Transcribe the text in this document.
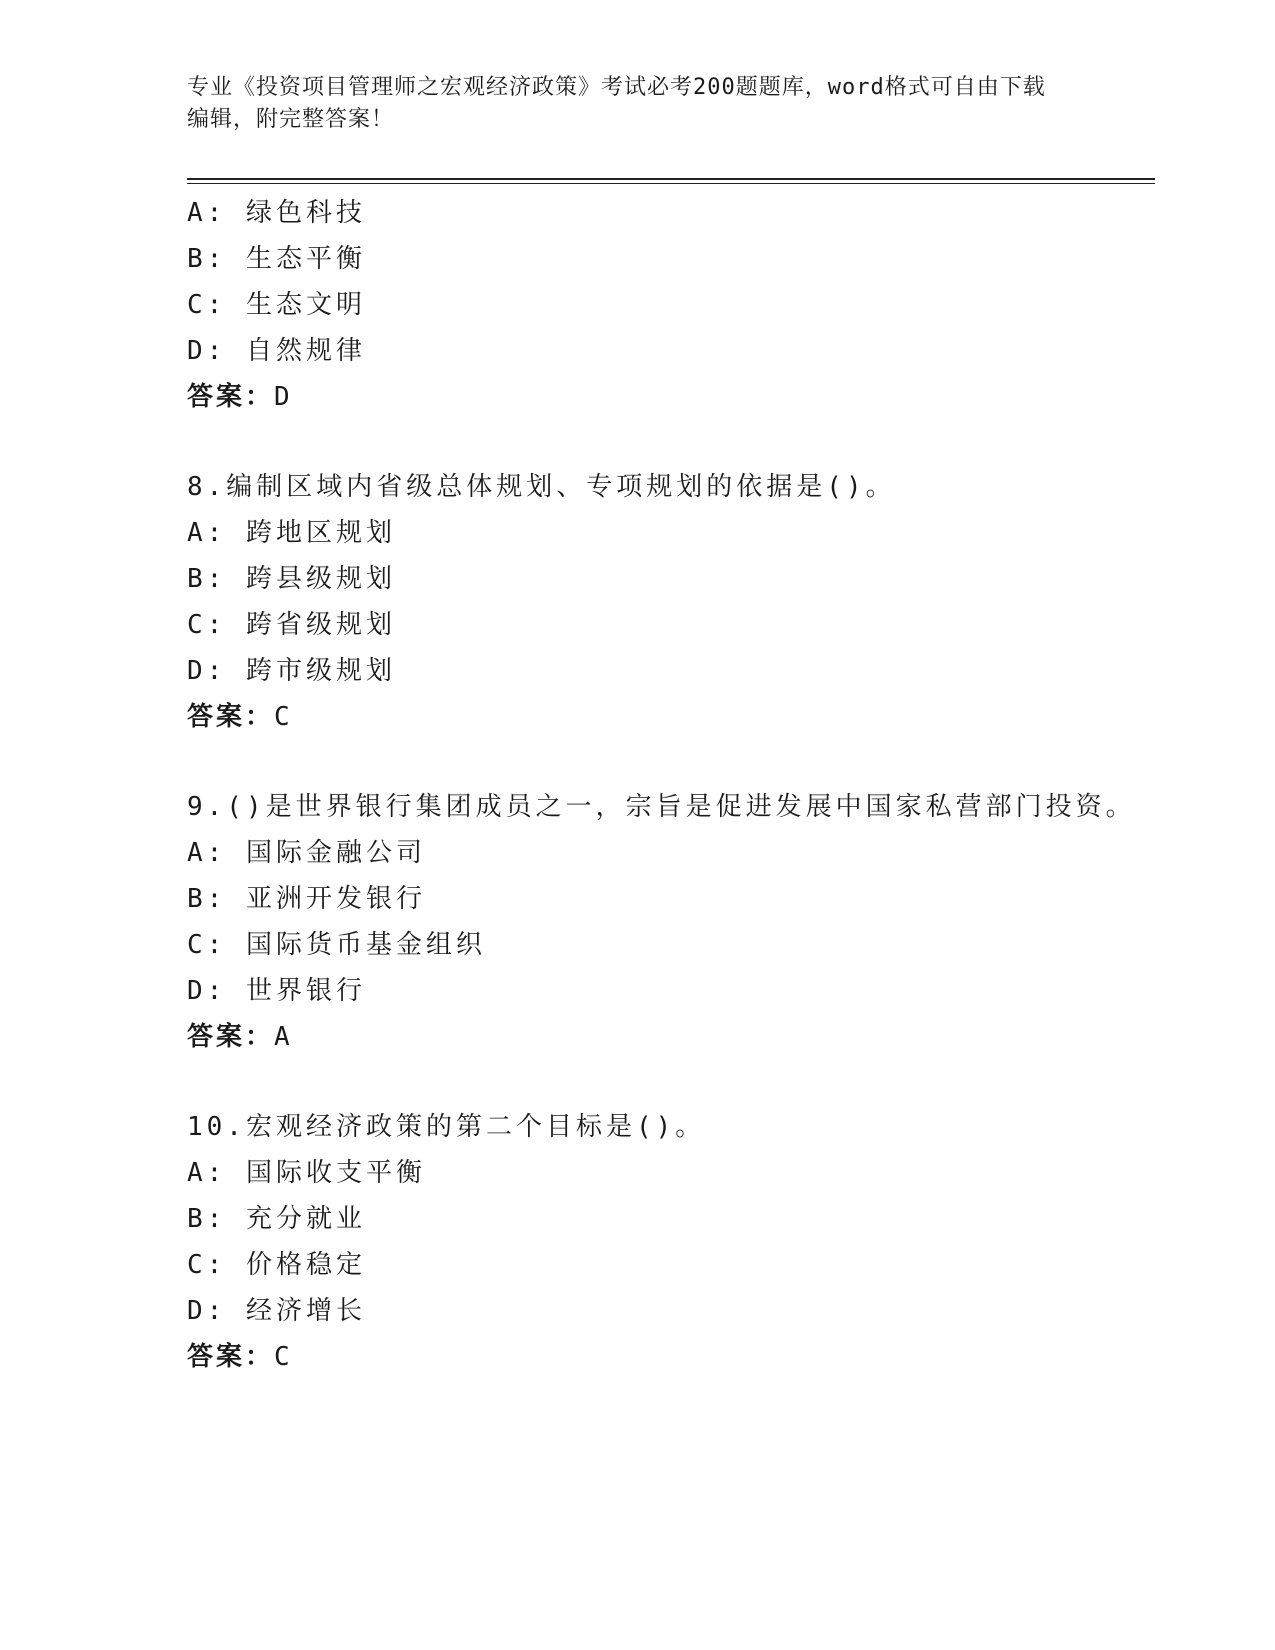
专业《投资项目管理师之宏观经济政策》考试必考200题题库，word格式可自由下载编辑，附完整答案！
A: 绿色科技
B: 生态平衡
C: 生态文明
D: 自然规律
答案：D
8.编制区域内省级总体规划、专项规划的依据是()。
A: 跨地区规划
B: 跨县级规划
C: 跨省级规划
D: 跨市级规划
答案：C
9.()是世界银行集团成员之一，宗旨是促进发展中国家私营部门投资。
A: 国际金融公司
B: 亚洲开发银行
C: 国际货币基金组织
D: 世界银行
答案：A
10.宏观经济政策的第二个目标是()。
A: 国际收支平衡
B: 充分就业
C: 价格稳定
D: 经济增长
答案：C
